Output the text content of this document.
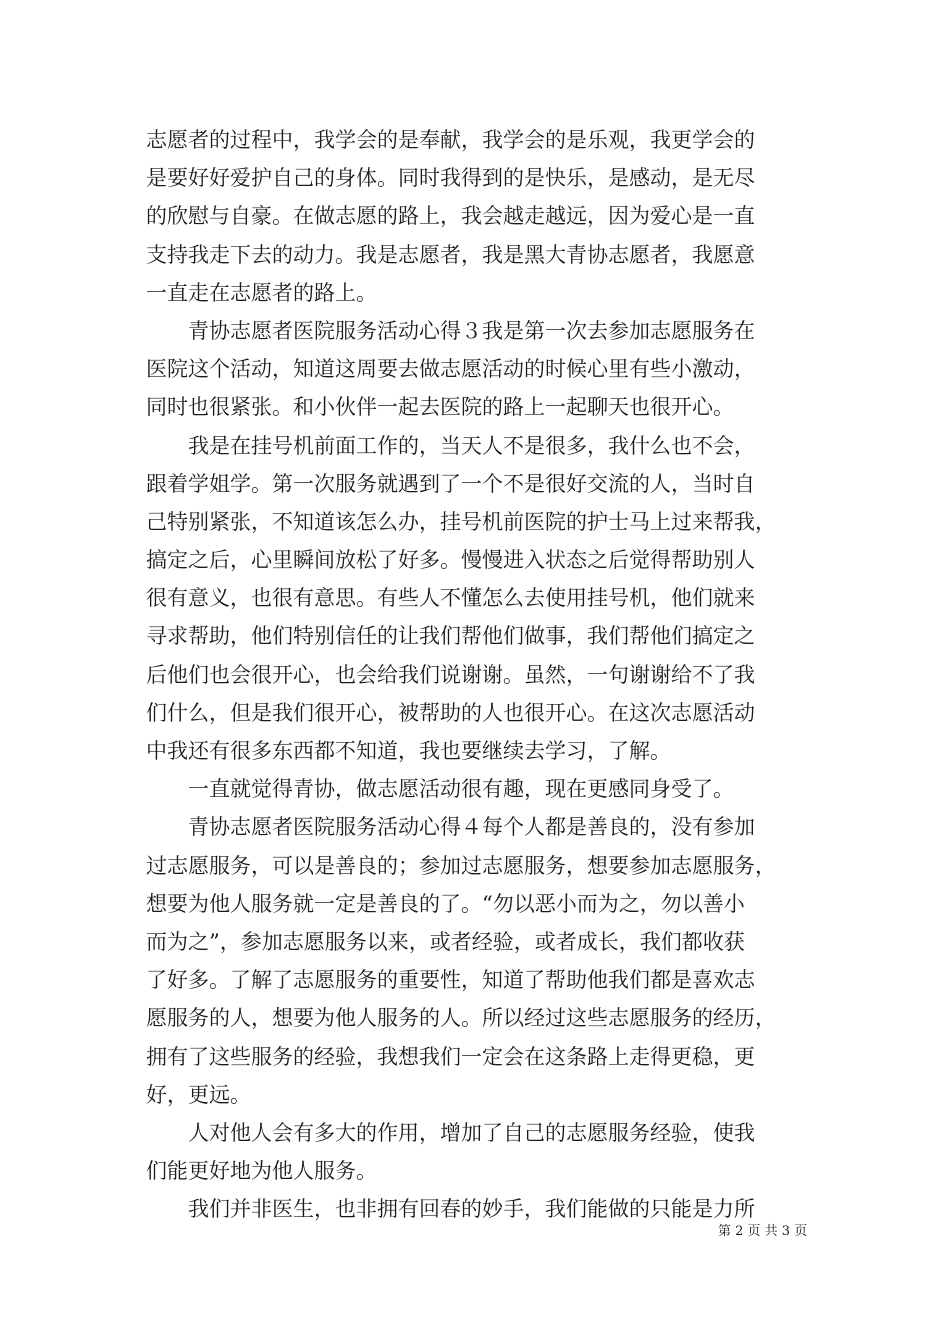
志愿者的过程中，我学会的是奉献，我学会的是乐观，我更学会的
是要好好爱护自己的身体。同时我得到的是快乐，是感动，是无尽
的欣慰与自豪。在做志愿的路上，我会越走越远，因为爱心是一直
支持我走下去的动力。我是志愿者，我是黑大青协志愿者，我愿意
一直走在志愿者的路上。
　　青协志愿者医院服务活动心得３我是第一次去参加志愿服务在
医院这个活动，知道这周要去做志愿活动的时候心里有些小激动，
同时也很紧张。和小伙伴一起去医院的路上一起聊天也很开心。
　　我是在挂号机前面工作的，当天人不是很多，我什么也不会，
跟着学姐学。第一次服务就遇到了一个不是很好交流的人，当时自
己特别紧张，不知道该怎么办，挂号机前医院的护士马上过来帮我，
搞定之后，心里瞬间放松了好多。慢慢进入状态之后觉得帮助别人
很有意义，也很有意思。有些人不懂怎么去使用挂号机，他们就来
寻求帮助，他们特别信任的让我们帮他们做事，我们帮他们搞定之
后他们也会很开心，也会给我们说谢谢。虽然，一句谢谢给不了我
们什么，但是我们很开心，被帮助的人也很开心。在这次志愿活动
中我还有很多东西都不知道，我也要继续去学习，了解。
　　一直就觉得青协，做志愿活动很有趣，现在更感同身受了。
　　青协志愿者医院服务活动心得４每个人都是善良的，没有参加
过志愿服务，可以是善良的；参加过志愿服务，想要参加志愿服务，
想要为他人服务就一定是善良的了。“勿以恶小而为之，勿以善小
而为之”，参加志愿服务以来，或者经验，或者成长，我们都收获
了好多。了解了志愿服务的重要性，知道了帮助他我们都是喜欢志
愿服务的人，想要为他人服务的人。所以经过这些志愿服务的经历，
拥有了这些服务的经验，我想我们一定会在这条路上走得更稳，更
好，更远。
　　人对他人会有多大的作用，增加了自己的志愿服务经验，使我
们能更好地为他人服务。
　　我们并非医生，也非拥有回春的妙手，我们能做的只能是力所
第 2 页 共 3 页
